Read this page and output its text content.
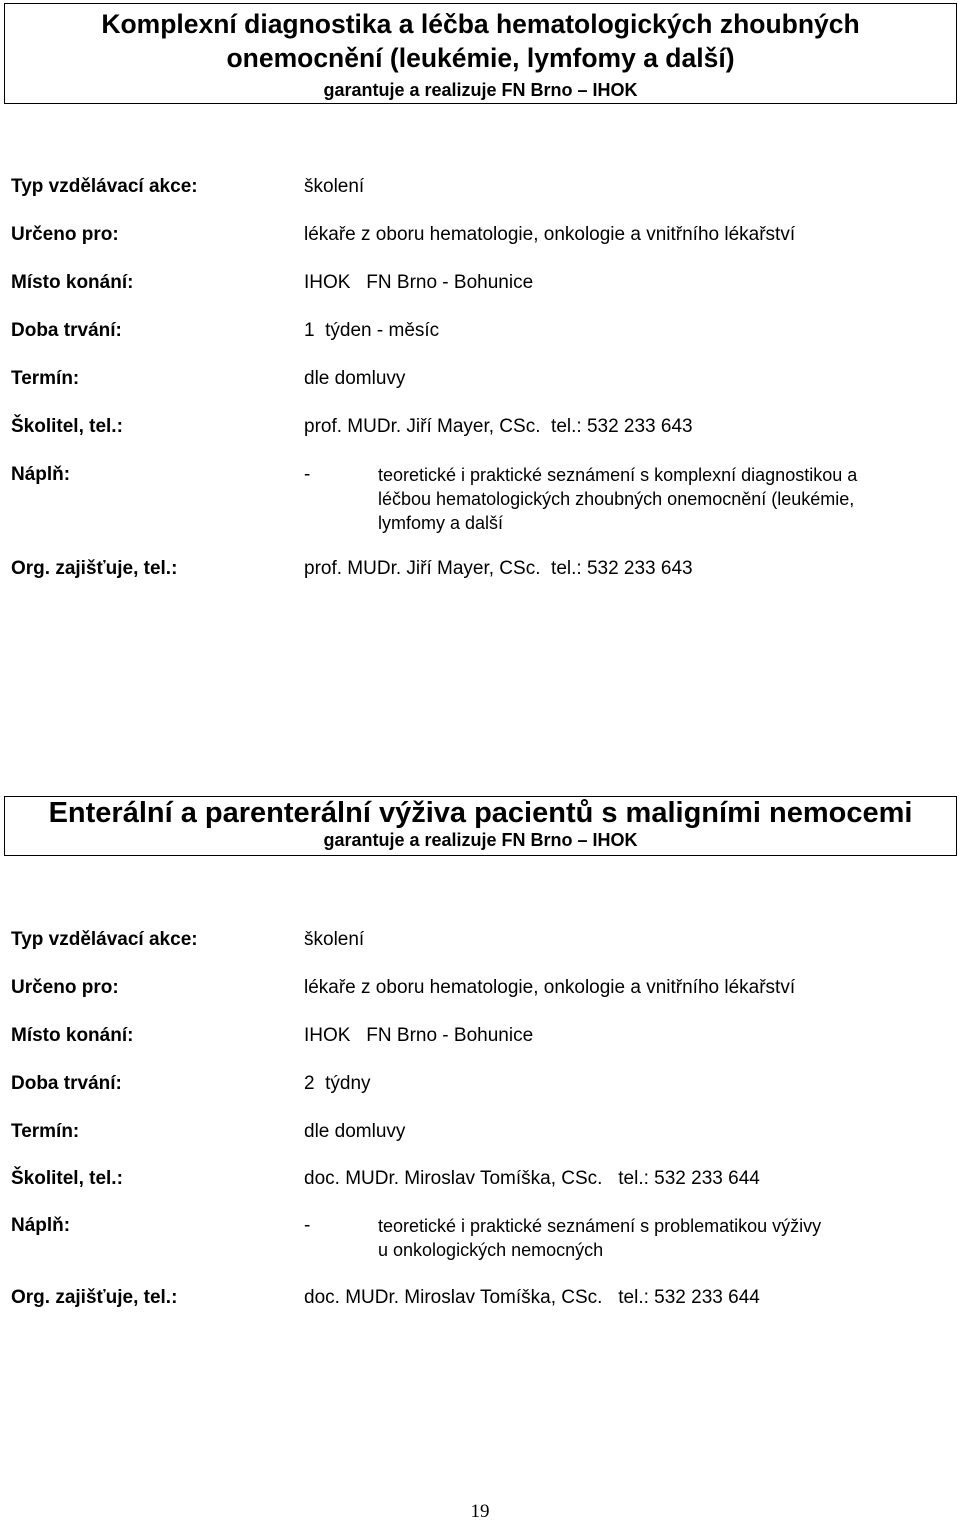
Komplexní diagnostika a léčba hematologických zhoubných
onemocnění (leukémie, lymfomy a další)
garantuje a realizuje FN Brno – IHOK
Typ vzdělávací akce:	školení
Určeno pro:	lékaře z oboru hematologie, onkologie a vnitřního lékařství
Místo konání:	IHOK   FN Brno - Bohunice
Doba trvání:	1  týden - měsíc
Termín:	dle domluvy
Školitel, tel.:	prof. MUDr. Jiří Mayer, CSc.  tel.: 532 233 643
Náplň:	-	teoretické i praktické seznámení s komplexní diagnostikou a
léčbou hematologických zhoubných onemocnění (leukémie,
lymfomy a další
Org. zajišťuje, tel.:	prof. MUDr. Jiří Mayer, CSc.  tel.: 532 233 643
Enterální a parenterální výživa pacientů s maligními nemocemi
garantuje a realizuje FN Brno – IHOK
Typ vzdělávací akce:	školení
Určeno pro:	lékaře z oboru hematologie, onkologie a vnitřního lékařství
Místo konání:	IHOK   FN Brno - Bohunice
Doba trvání:	2  týdny
Termín:	dle domluvy
Školitel, tel.:	doc. MUDr. Miroslav Tomíška, CSc.   tel.: 532 233 644
Náplň:	-	teoretické i praktické seznámení s problematikou výživy
u onkologických nemocných
Org. zajišťuje, tel.:	doc. MUDr. Miroslav Tomíška, CSc.   tel.: 532 233 644
19
